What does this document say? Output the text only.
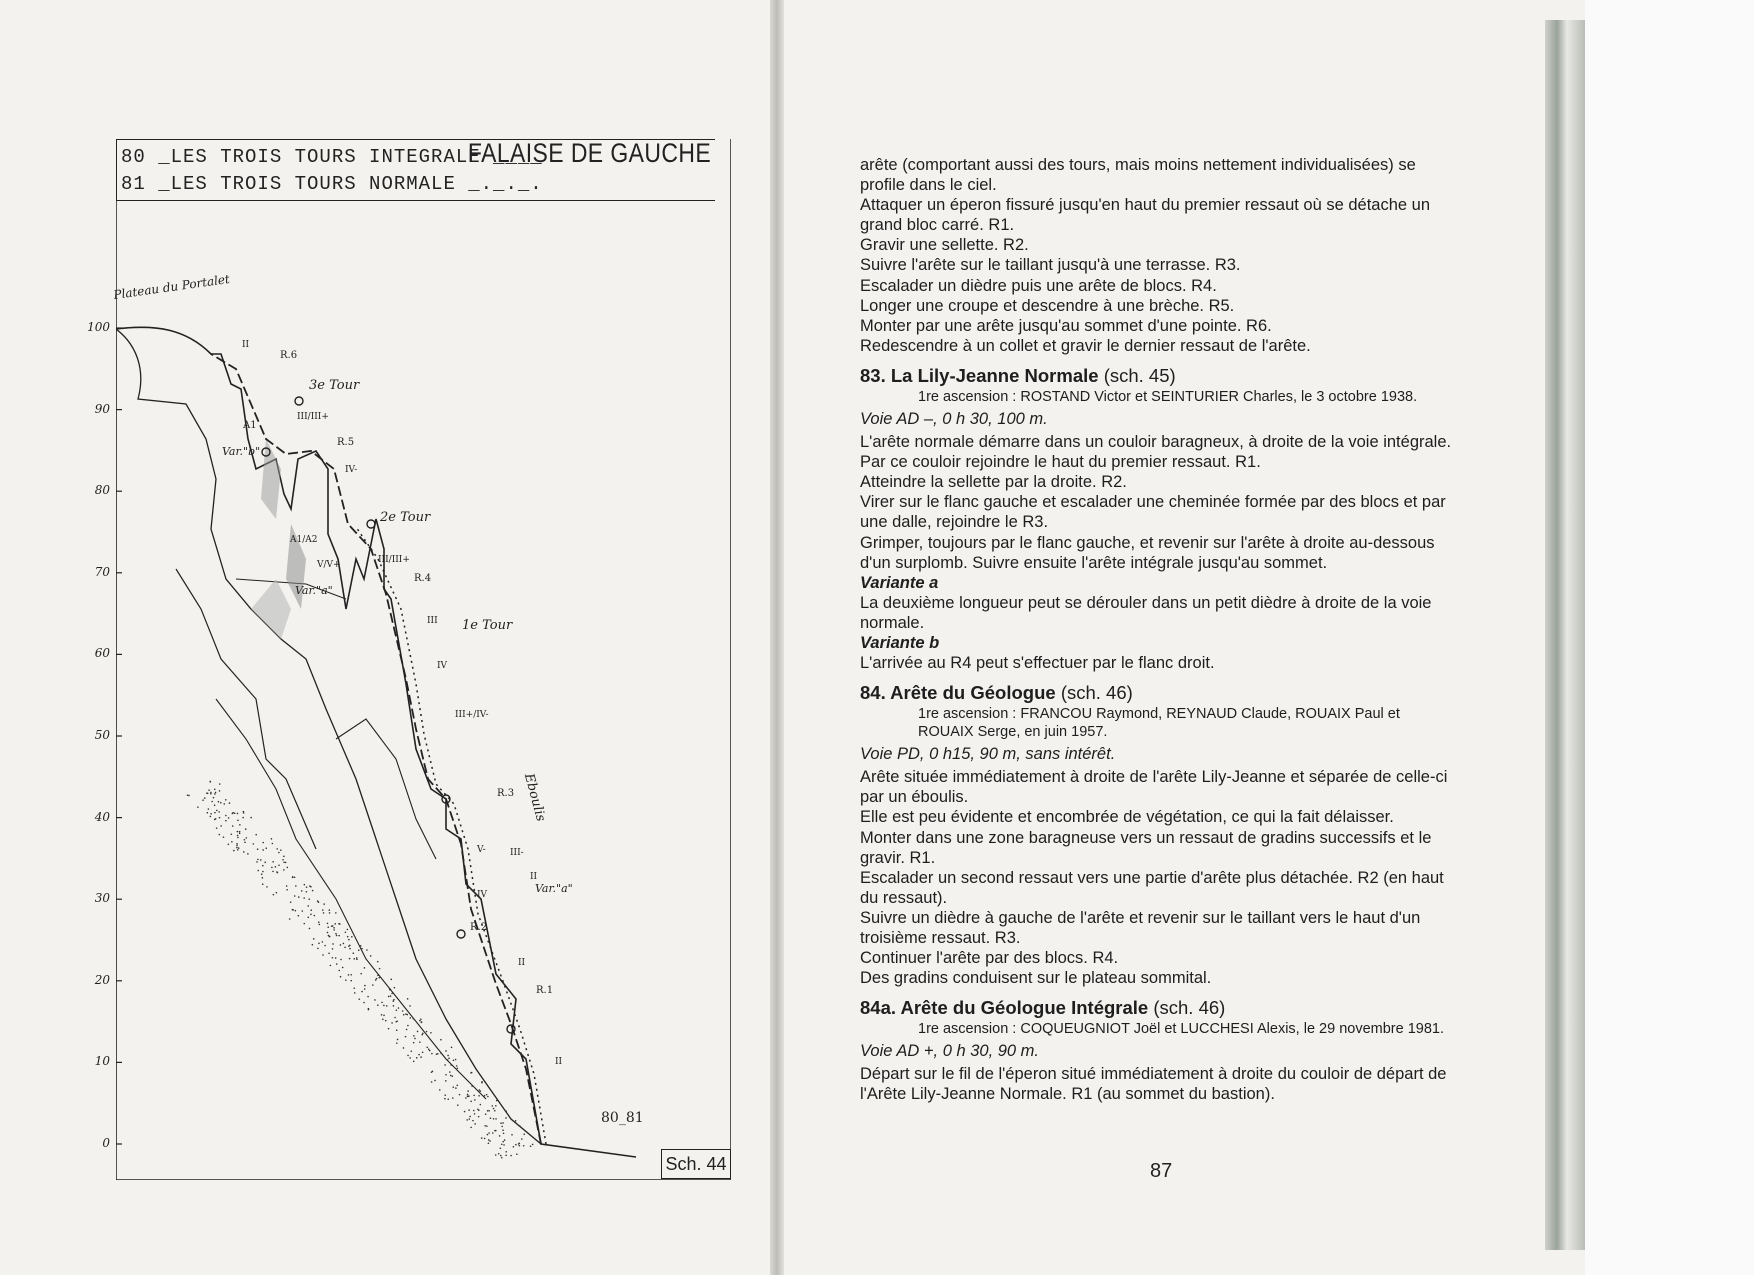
80 _LES TROIS TOURS INTEGRALE ____
81 _LES TROIS TOURS NORMALE _._._.
FALAISE DE GAUCHE
Plateau du Portalet
3e Tour
2e Tour
1e Tour
Eboulis
R.6
R.5
R.4
R.3
R.2
R.1
II
III/III+
IV-
III/III+
III
IV
III+/IV-
III-
II
IV
V-
II
II
A1
A1/A2
V/V+
Var."b"
Var."a"
Var."a"
80_81
Sch. 44
100
90
80
70
60
50
40
30
20
10
0

arête (comportant aussi des tours, mais moins nettement individualisées) se profile dans le ciel.

Attaquer un éperon fissuré jusqu'en haut du premier ressaut où se détache un grand bloc carré. R1.

Gravir une sellette. R2.

Suivre l'arête sur le taillant jusqu'à une terrasse. R3.

Escalader un dièdre puis une arête de blocs. R4.

Longer une croupe et descendre à une brèche. R5.

Monter par une arête jusqu'au sommet d'une pointe. R6.

Redescendre à un collet et gravir le dernier ressaut de l'arête.

83. La Lily-Jeanne Normale (sch. 45)

1re ascension : ROSTAND Victor et SEINTURIER Charles, le 3 octobre 1938.

Voie AD –, 0 h 30, 100 m.

L'arête normale démarre dans un couloir baragneux, à droite de la voie intégrale. Par ce couloir rejoindre le haut du premier ressaut. R1.

Atteindre la sellette par la droite. R2.

Virer sur le flanc gauche et escalader une cheminée formée par des blocs et par une dalle, rejoindre le R3.

Grimper, toujours par le flanc gauche, et revenir sur l'arête à droite au-dessous d'un surplomb. Suivre ensuite l'arête intégrale jusqu'au sommet.

Variante a

La deuxième longueur peut se dérouler dans un petit dièdre à droite de la voie normale.

Variante b

L'arrivée au R4 peut s'effectuer par le flanc droit.

84. Arête du Géologue (sch. 46)

1re ascension : FRANCOU Raymond, REYNAUD Claude, ROUAIX Paul et ROUAIX Serge, en juin 1957.

Voie PD, 0 h15, 90 m, sans intérêt.

Arête située immédiatement à droite de l'arête Lily-Jeanne et séparée de celle-ci par un éboulis.

Elle est peu évidente et encombrée de végétation, ce qui la fait délaisser.

Monter dans une zone baragneuse vers un ressaut de gradins successifs et le gravir. R1.

Escalader un second ressaut vers une partie d'arête plus détachée. R2 (en haut du ressaut).

Suivre un dièdre à gauche de l'arête et revenir sur le taillant vers le haut d'un troisième ressaut. R3.

Continuer l'arête par des blocs. R4.

Des gradins conduisent sur le plateau sommital.

84a. Arête du Géologue Intégrale (sch. 46)

1re ascension : COQUEUGNIOT Joël et LUCCHESI Alexis, le 29 novembre 1981.

Voie AD +, 0 h 30, 90 m.

Départ sur le fil de l'éperon situé immédiatement à droite du couloir de départ de l'Arête Lily-Jeanne Normale. R1 (au sommet du bastion).

87
